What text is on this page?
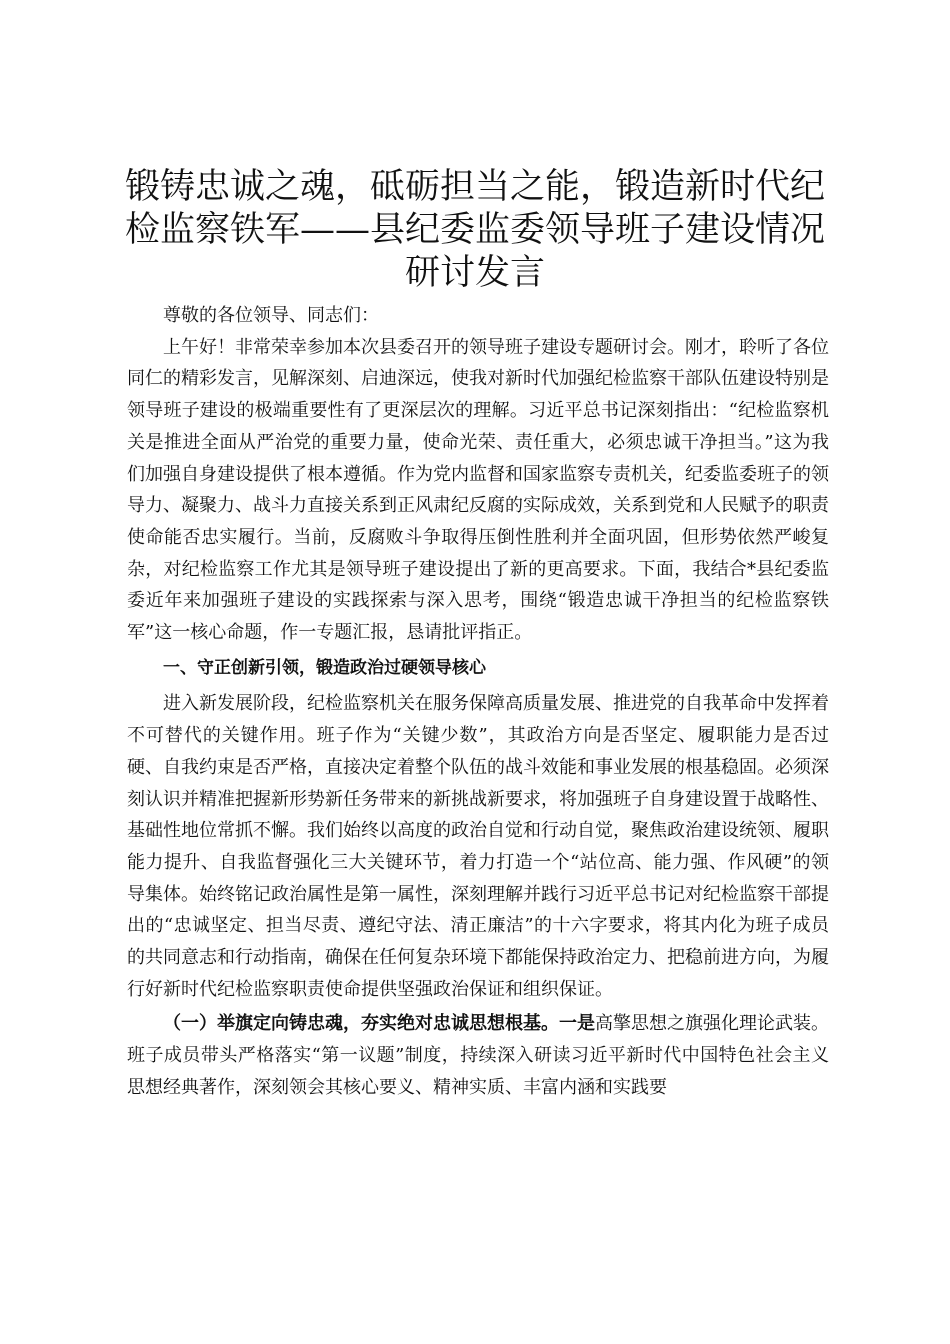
锻铸忠诚之魂，砥砺担当之能，锻造新时代纪检监察铁军——县纪委监委领导班子建设情况研讨发言

尊敬的各位领导、同志们：

上午好！非常荣幸参加本次县委召开的领导班子建设专题研讨会。刚才，聆听了各位同仁的精彩发言，见解深刻、启迪深远，使我对新时代加强纪检监察干部队伍建设特别是领导班子建设的极端重要性有了更深层次的理解。习近平总书记深刻指出：“纪检监察机关是推进全面从严治党的重要力量，使命光荣、责任重大，必须忠诚干净担当。”这为我们加强自身建设提供了根本遵循。作为党内监督和国家监察专责机关，纪委监委班子的领导力、凝聚力、战斗力直接关系到正风肃纪反腐的实际成效，关系到党和人民赋予的职责使命能否忠实履行。当前，反腐败斗争取得压倒性胜利并全面巩固，但形势依然严峻复杂，对纪检监察工作尤其是领导班子建设提出了新的更高要求。下面，我结合*县纪委监委近年来加强班子建设的实践探索与深入思考，围绕“锻造忠诚干净担当的纪检监察铁军”这一核心命题，作一专题汇报，恳请批评指正。

一、守正创新引领，锻造政治过硬领导核心

进入新发展阶段，纪检监察机关在服务保障高质量发展、推进党的自我革命中发挥着不可替代的关键作用。班子作为“关键少数”，其政治方向是否坚定、履职能力是否过硬、自我约束是否严格，直接决定着整个队伍的战斗效能和事业发展的根基稳固。必须深刻认识并精准把握新形势新任务带来的新挑战新要求，将加强班子自身建设置于战略性、基础性地位常抓不懈。我们始终以高度的政治自觉和行动自觉，聚焦政治建设统领、履职能力提升、自我监督强化三大关键环节，着力打造一个“站位高、能力强、作风硬”的领导集体。始终铭记政治属性是第一属性，深刻理解并践行习近平总书记对纪检监察干部提出的“忠诚坚定、担当尽责、遵纪守法、清正廉洁”的十六字要求，将其内化为班子成员的共同意志和行动指南，确保在任何复杂环境下都能保持政治定力、把稳前进方向，为履行好新时代纪检监察职责使命提供坚强政治保证和组织保证。

（一）举旗定向铸忠魂，夯实绝对忠诚思想根基。一是高擎思想之旗强化理论武装。班子成员带头严格落实“第一议题”制度，持续深入研读习近平新时代中国特色社会主义思想经典著作，深刻领会其核心要义、精神实质、丰富内涵和实践要
